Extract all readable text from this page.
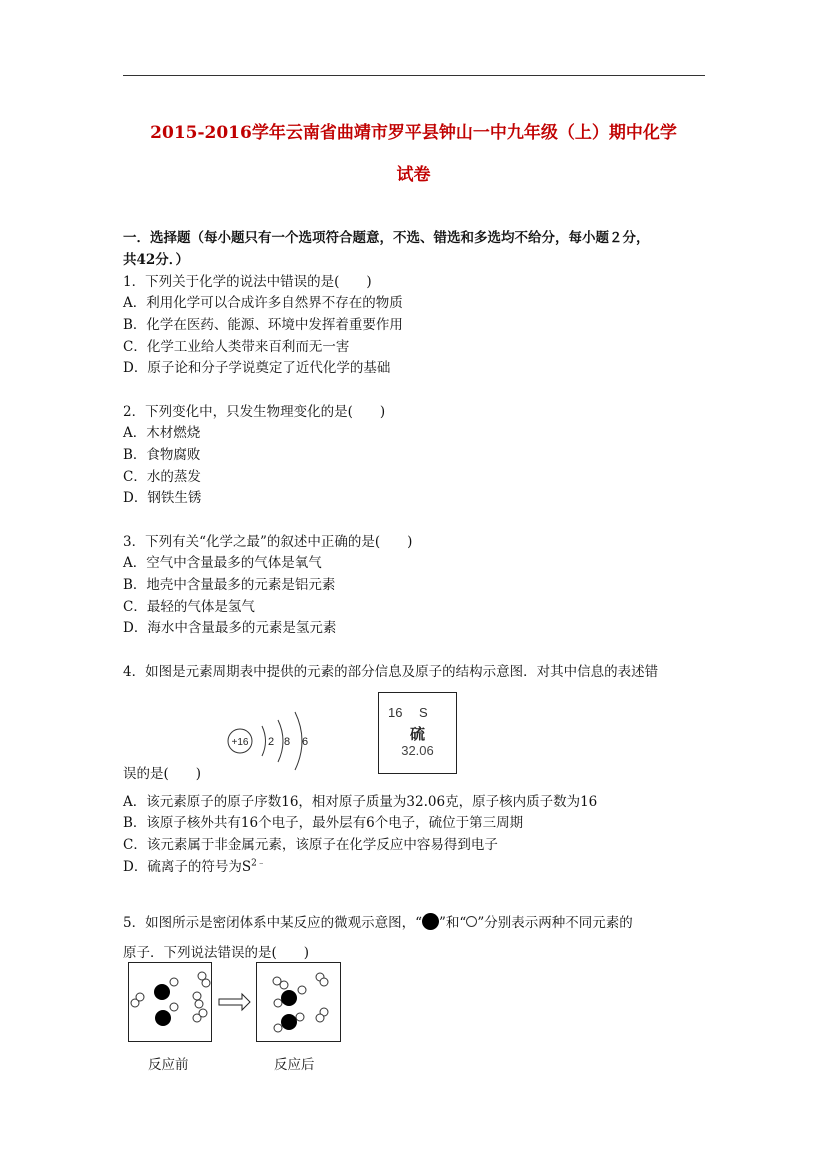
2015-2016学年云南省曲靖市罗平县钟山一中九年级（上）期中化学
试卷
一．选择题（每小题只有一个选项符合题意，不选、错选和多选均不给分，每小题２分，
共42分．）
1．下列关于化学的说法中错误的是(　　)
A．利用化学可以合成许多自然界不存在的物质
B．化学在医药、能源、环境中发挥着重要作用
C．化学工业给人类带来百利而无一害
D．原子论和分子学说奠定了近代化学的基础
2．下列变化中，只发生物理变化的是(　　)
A．木材燃烧
B．食物腐败
C．水的蒸发
D．钢铁生锈
3．下列有关“化学之最”的叙述中正确的是(　　)
A．空气中含量最多的气体是氧气
B．地壳中含量最多的元素是铝元素
C．最轻的气体是氢气
D．海水中含量最多的元素是氢元素
4．如图是元素周期表中提供的元素的部分信息及原子的结构示意图．对其中信息的表述错
+16 2 8 6
16 S
硫
32.06
误的是(　　)
A．该元素原子的原子序数16，相对原子质量为32.06克，原子核内质子数为16
B．该原子核外共有16个电子，最外层有6个电子，硫位于第三周期
C．该元素属于非金属元素，该原子在化学反应中容易得到电子
D．硫离子的符号为$S^{2﹣}$
5．如图所示是密闭体系中某反应的微观示意图，“ ”和“ ”分别表示两种不同元素的
原子．下列说法错误的是(　　)
反应前	反应后
